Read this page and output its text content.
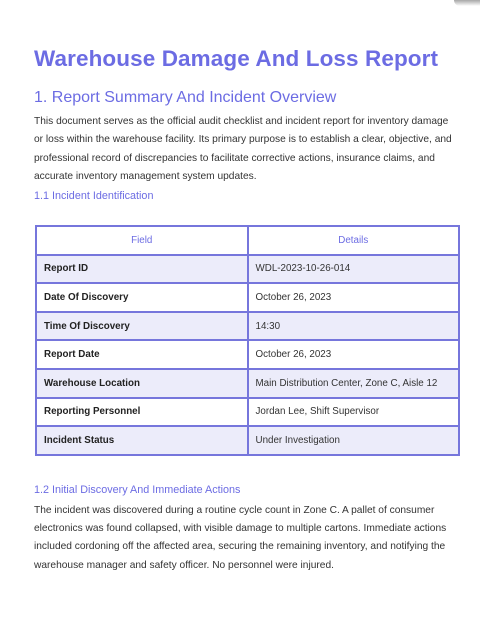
Warehouse Damage And Loss Report
1. Report Summary And Incident Overview

This document serves as the official audit checklist and incident report for inventory damage or loss within the warehouse facility. Its primary purpose is to establish a clear, objective, and professional record of discrepancies to facilitate corrective actions, insurance claims, and accurate inventory management system updates.

1.1 Incident Identification
Field	Details
Report ID	WDL-2023-10-26-014
Date Of Discovery	October 26, 2023
Time Of Discovery	14:30
Report Date	October 26, 2023
Warehouse Location	Main Distribution Center, Zone C, Aisle 12
Reporting Personnel	Jordan Lee, Shift Supervisor
Incident Status	Under Investigation
1.2 Initial Discovery And Immediate Actions

The incident was discovered during a routine cycle count in Zone C. A pallet of consumer electronics was found collapsed, with visible damage to multiple cartons. Immediate actions included cordoning off the affected area, securing the remaining inventory, and notifying the warehouse manager and safety officer. No personnel were injured.
